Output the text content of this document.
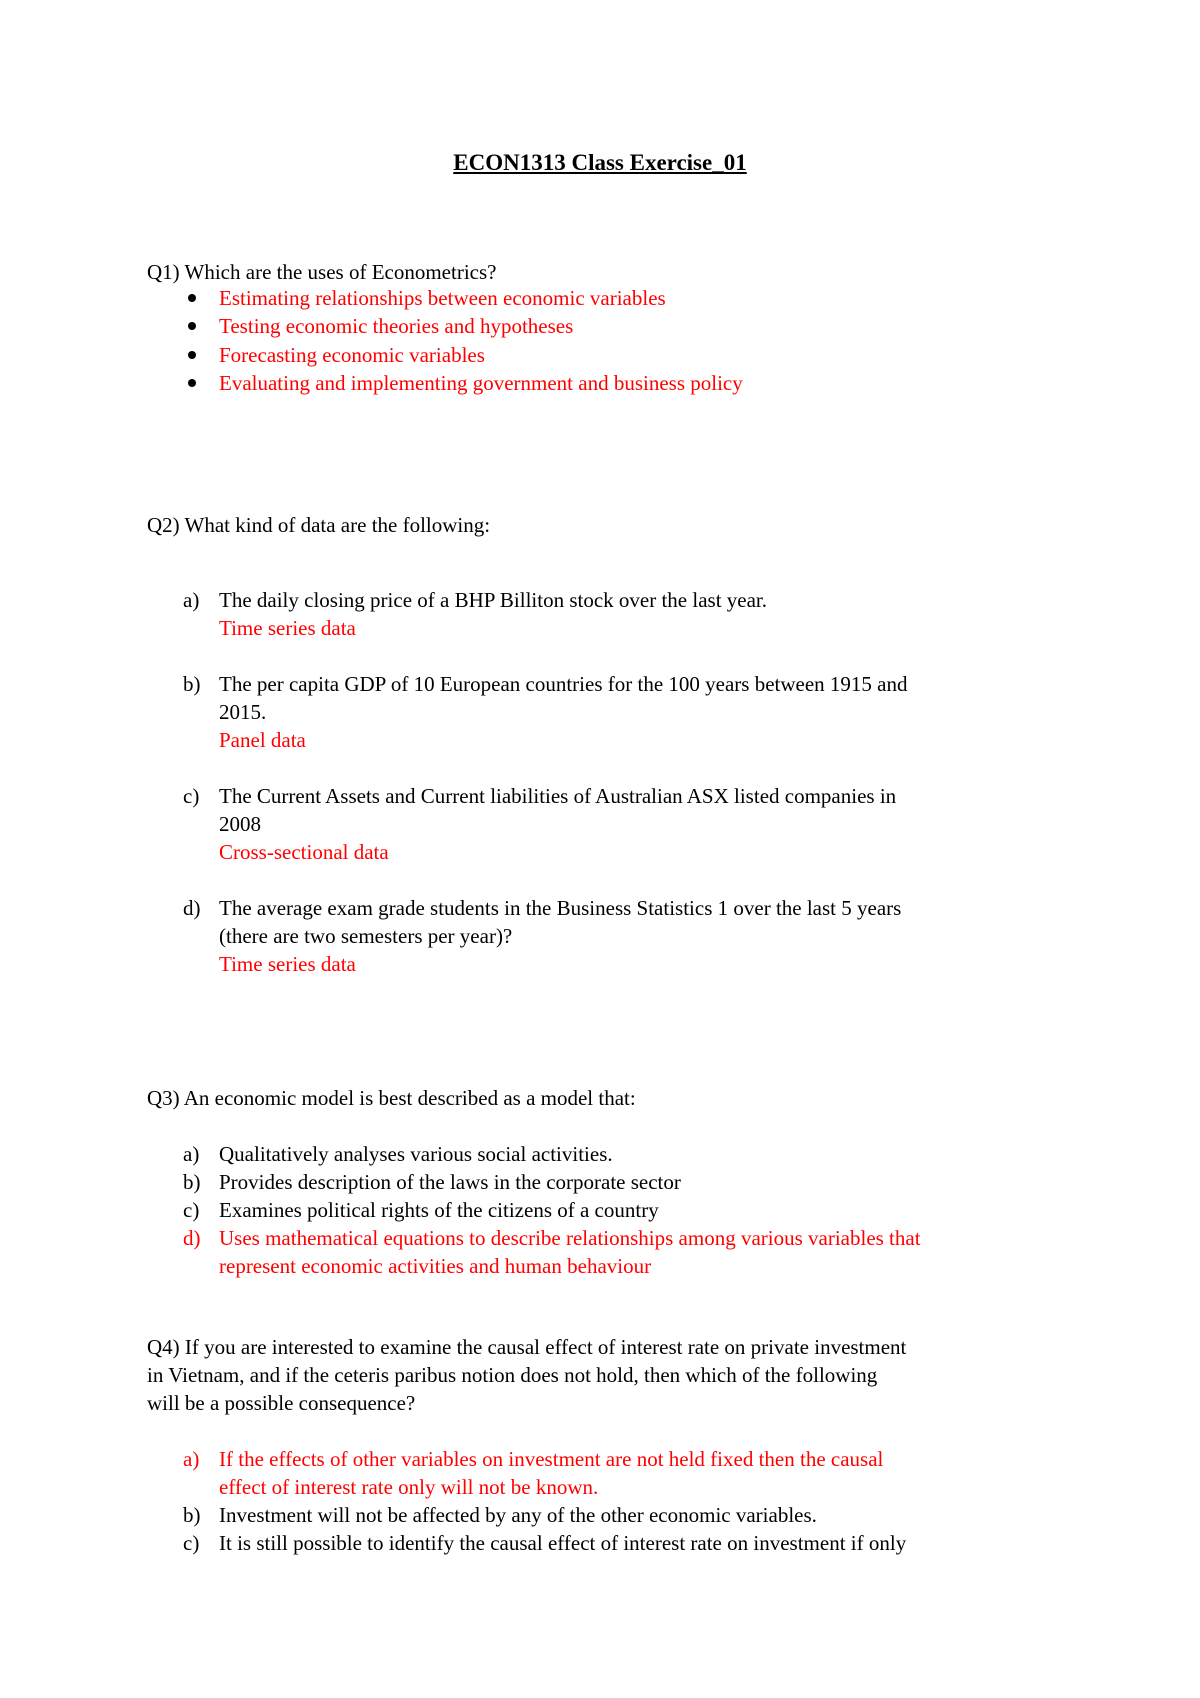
ECON1313 Class Exercise_01
Q1) Which are the uses of Econometrics?
Estimating relationships between economic variables
Testing economic theories and hypotheses
Forecasting economic variables
Evaluating and implementing government and business policy
Q2) What kind of data are the following:
a) The daily closing price of a BHP Billiton stock over the last year.
Time series data
b) The per capita GDP of 10 European countries for the 100 years between 1915 and
2015.
Panel data
c) The Current Assets and Current liabilities of Australian ASX listed companies in
2008
Cross-sectional data
d) The average exam grade students in the Business Statistics 1 over the last 5 years
(there are two semesters per year)?
Time series data
Q3) An economic model is best described as a model that:
a) Qualitatively analyses various social activities.
b) Provides description of the laws in the corporate sector
c) Examines political rights of the citizens of a country
d) Uses mathematical equations to describe relationships among various variables that
represent economic activities and human behaviour
Q4) If you are interested to examine the causal effect of interest rate on private investment
in Vietnam, and if the ceteris paribus notion does not hold, then which of the following
will be a possible consequence?
a) If the effects of other variables on investment are not held fixed then the causal
effect of interest rate only will not be known.
b) Investment will not be affected by any of the other economic variables.
c) It is still possible to identify the causal effect of interest rate on investment if only
